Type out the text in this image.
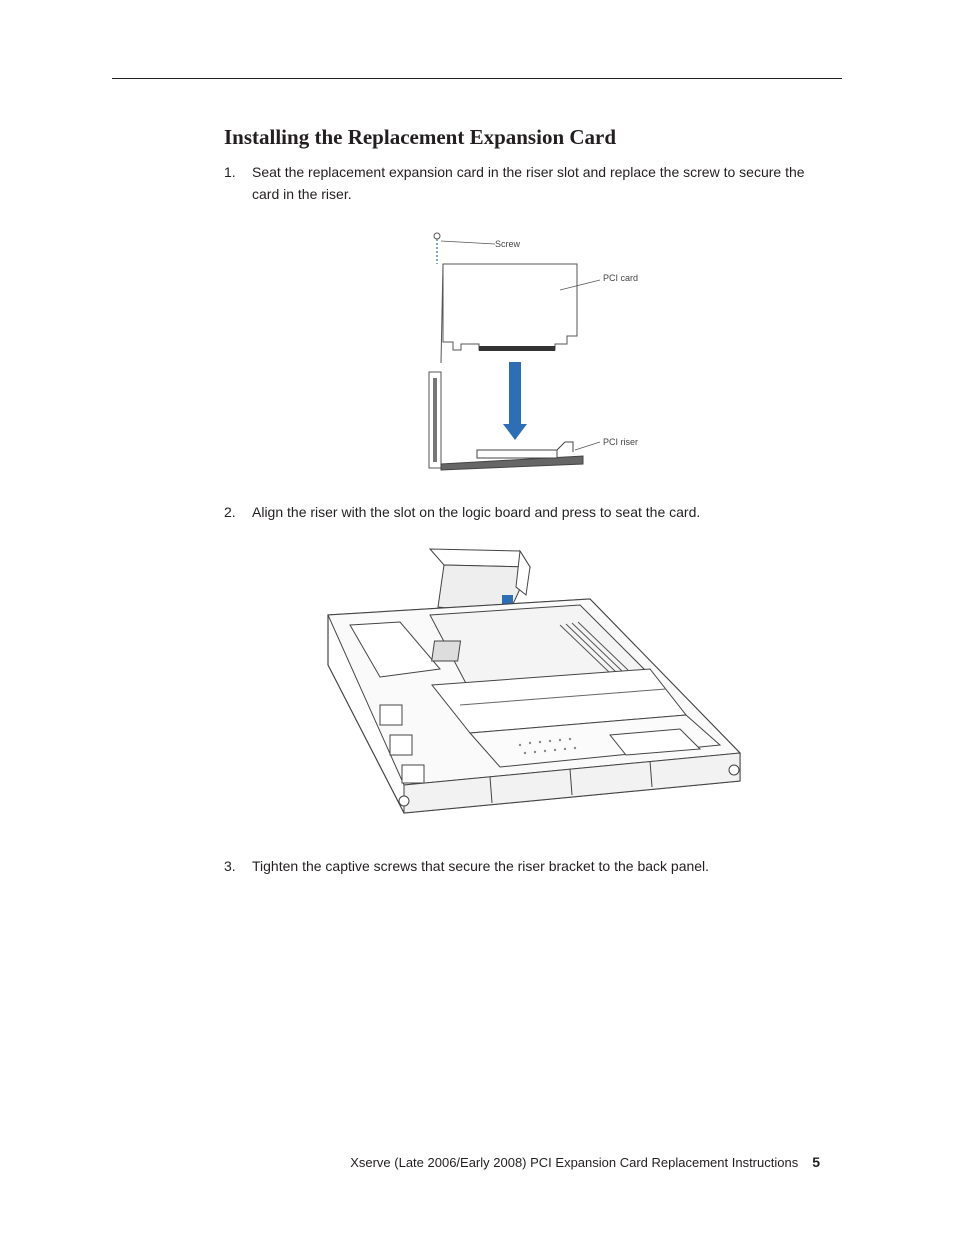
Installing the Replacement Expansion Card
1.	Seat the replacement expansion card in the riser slot and replace the screw to secure the card in the riser.
Screw
PCI card
PCI riser
2.	Align the riser with the slot on the logic board and press to seat the card.
3.	Tighten the captive screws that secure the riser bracket to the back panel.
Xserve (Late 2006/Early 2008) PCI Expansion Card Replacement Instructions 5
